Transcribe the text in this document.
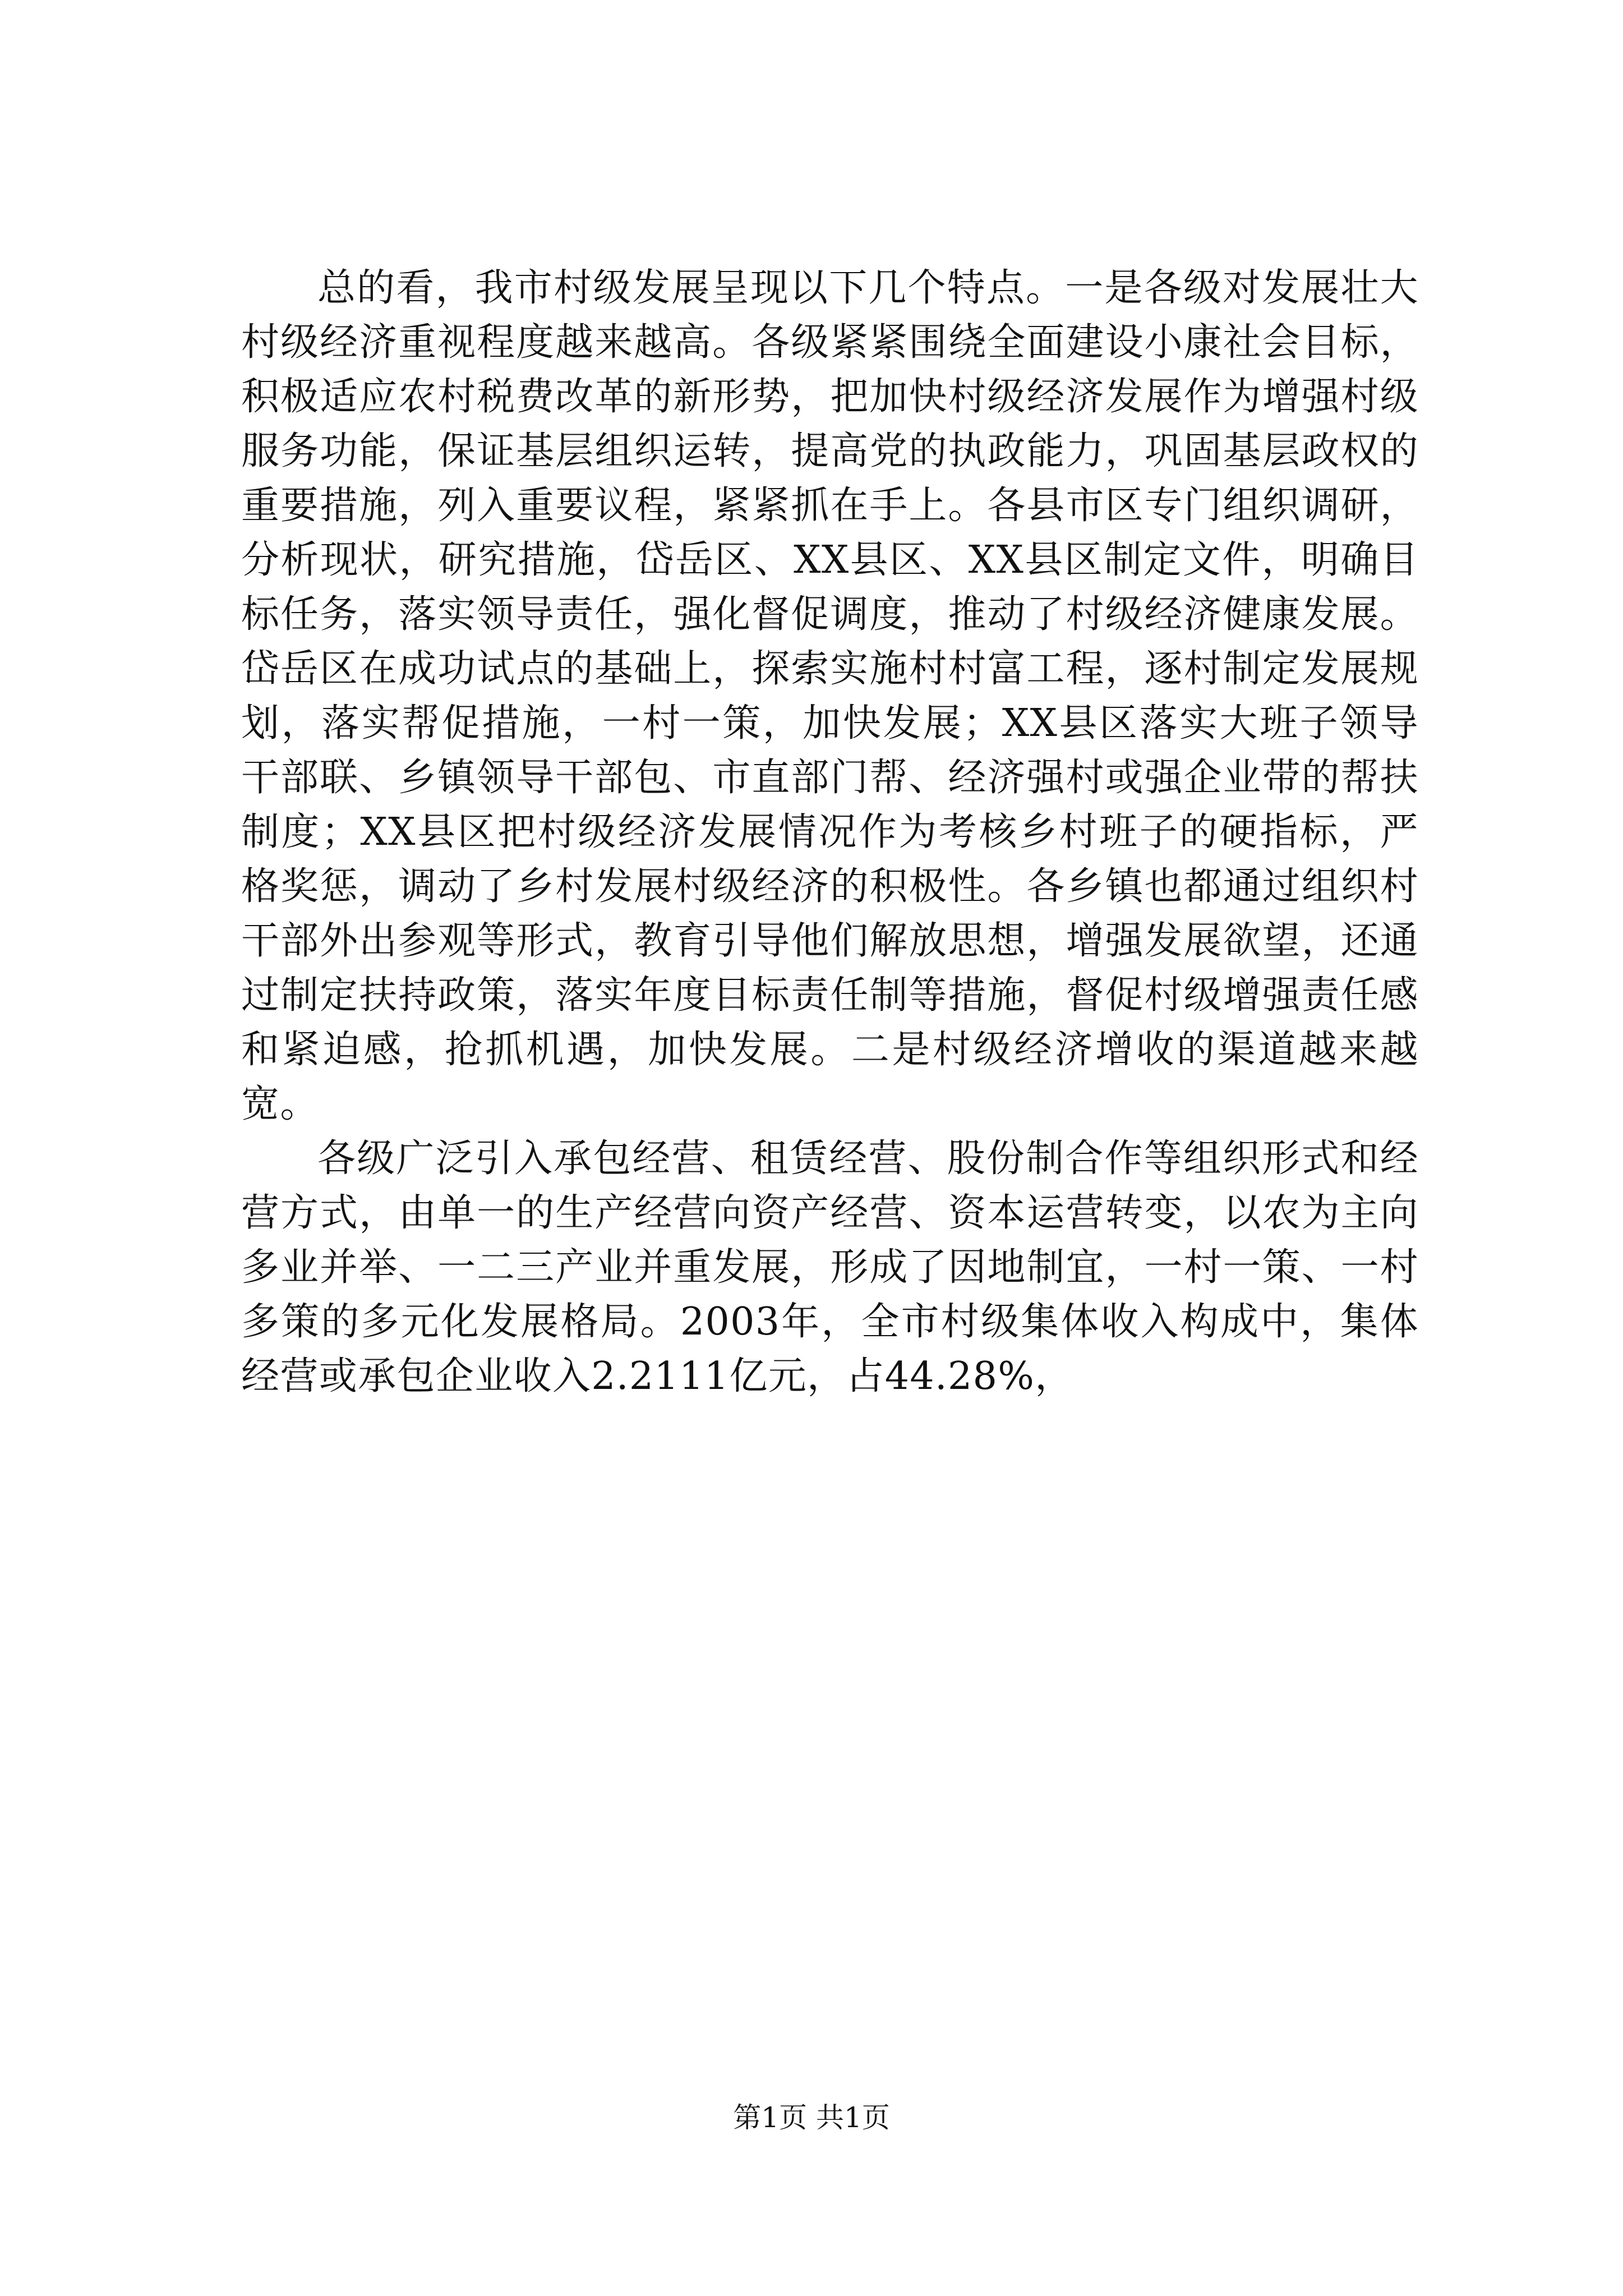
总的看，我市村级发展呈现以下几个特点。一是各级对发展壮大村级经济重视程度越来越高。各级紧紧围绕全面建设小康社会目标，积极适应农村税费改革的新形势，把加快村级经济发展作为增强村级服务功能，保证基层组织运转，提高党的执政能力，巩固基层政权的重要措施，列入重要议程，紧紧抓在手上。各县市区专门组织调研，分析现状，研究措施，岱岳区、XX县区、XX县区制定文件，明确目标任务，落实领导责任，强化督促调度，推动了村级经济健康发展。岱岳区在成功试点的基础上，探索实施村村富工程，逐村制定发展规划，落实帮促措施，一村一策，加快发展；XX县区落实大班子领导干部联、乡镇领导干部包、市直部门帮、经济强村或强企业带的帮扶制度；XX县区把村级经济发展情况作为考核乡村班子的硬指标，严格奖惩，调动了乡村发展村级经济的积极性。各乡镇也都通过组织村干部外出参观等形式，教育引导他们解放思想，增强发展欲望，还通过制定扶持政策，落实年度目标责任制等措施，督促村级增强责任感和紧迫感，抢抓机遇，加快发展。二是村级经济增收的渠道越来越宽。

各级广泛引入承包经营、租赁经营、股份制合作等组织形式和经营方式，由单一的生产经营向资产经营、资本运营转变，以农为主向多业并举、一二三产业并重发展，形成了因地制宜，一村一策、一村多策的多元化发展格局。2003年，全市村级集体收入构成中，集体经营或承包企业收入2.2111亿元，占44.28%，

第1页 共1页
